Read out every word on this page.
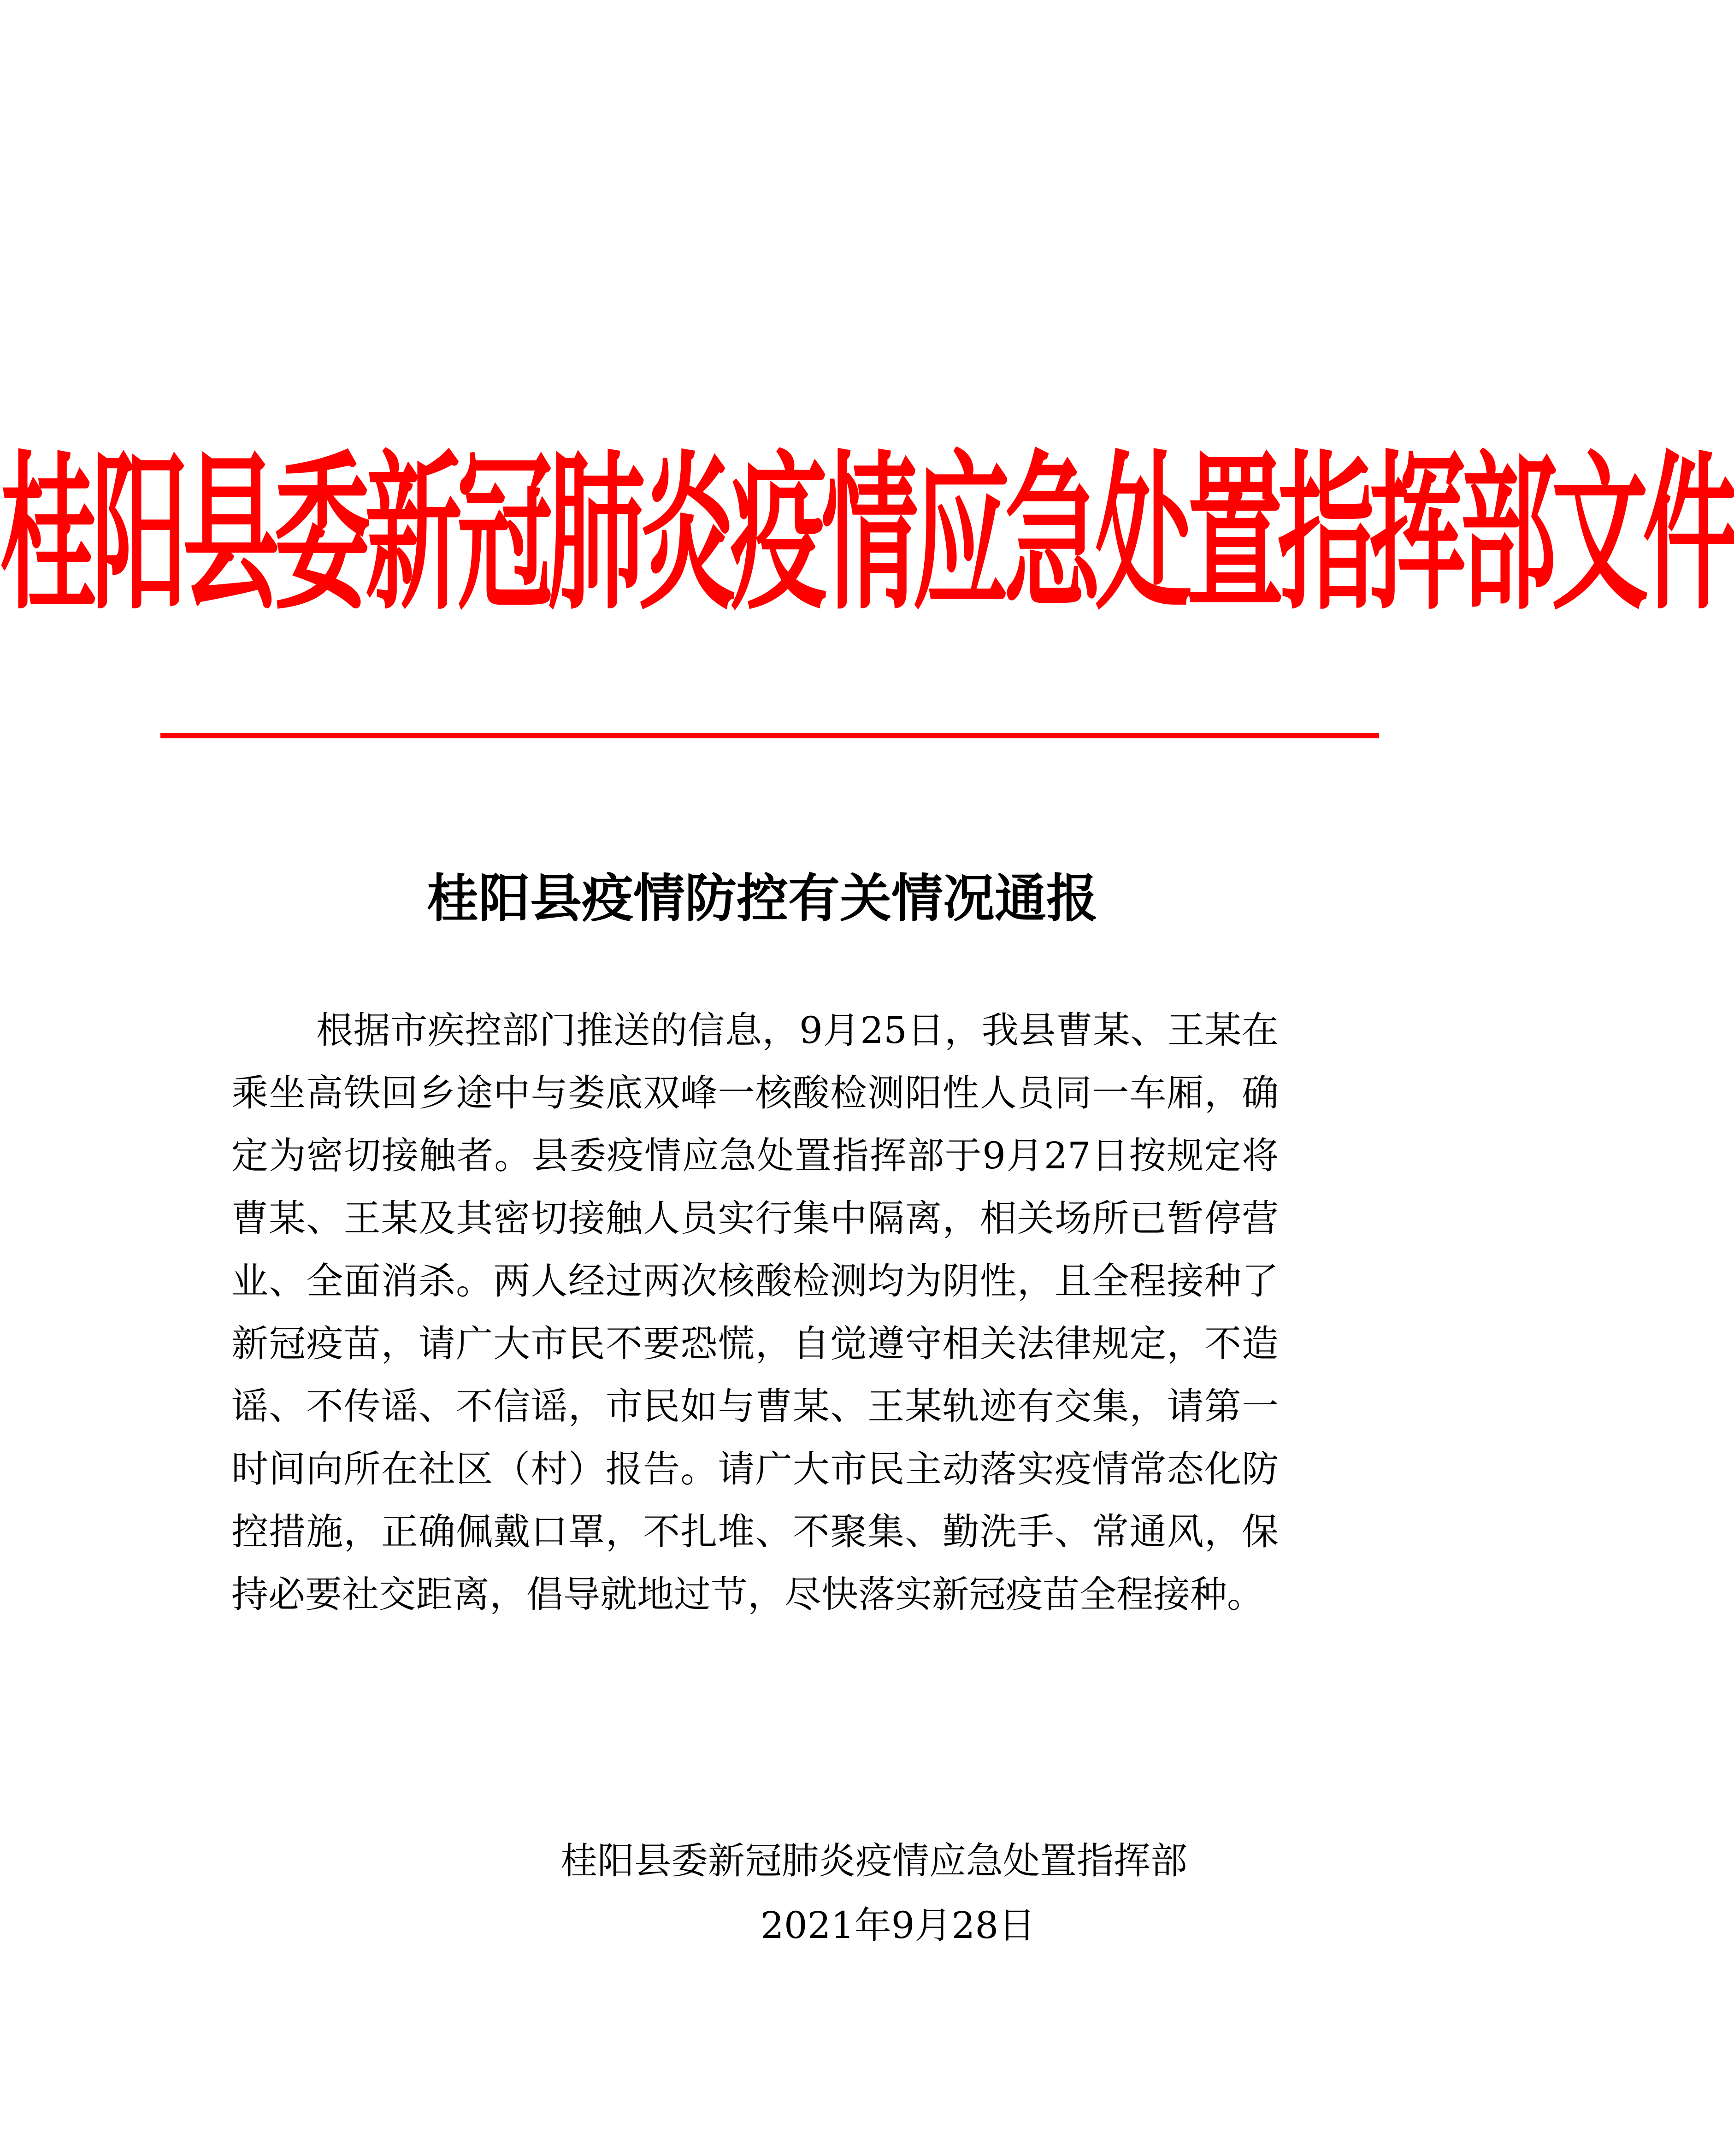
桂阳县委新冠肺炎疫情应急处置指挥部文件
桂阳县疫情防控有关情况通报

根据市疾控部门推送的信息，9月25日，我县曹某、王某在乘坐高铁回乡途中与娄底双峰一核酸检测阳性人员同一车厢，确定为密切接触者。县委疫情应急处置指挥部于9月27日按规定将曹某、王某及其密切接触人员实行集中隔离，相关场所已暂停营业、全面消杀。两人经过两次核酸检测均为阴性，且全程接种了新冠疫苗，请广大市民不要恐慌，自觉遵守相关法律规定，不造谣、不传谣、不信谣，市民如与曹某、王某轨迹有交集，请第一时间向所在社区（村）报告。请广大市民主动落实疫情常态化防控措施，正确佩戴口罩，不扎堆、不聚集、勤洗手、常通风，保持必要社交距离，倡导就地过节，尽快落实新冠疫苗全程接种。

桂阳县委新冠肺炎疫情应急处置指挥部
2021年9月28日
